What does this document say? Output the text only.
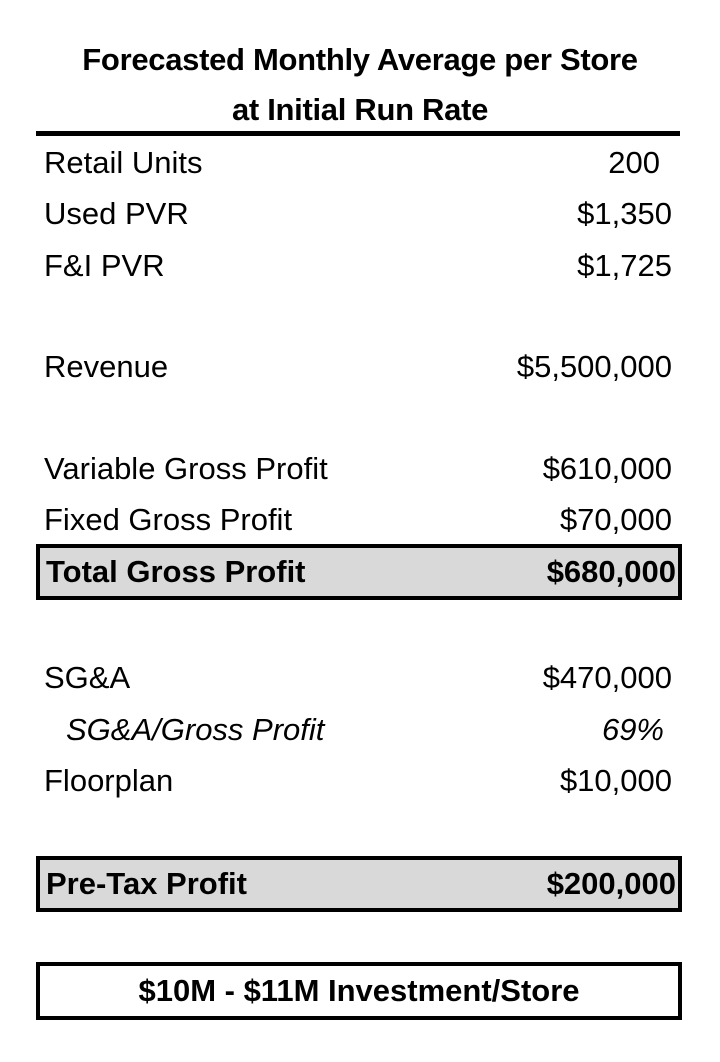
Forecasted Monthly Average per Store
at Initial Run Rate
Retail Units	200
Used PVR	$1,350
F&I PVR	$1,725
Revenue	$5,500,000
Variable Gross Profit	$610,000
Fixed Gross Profit	$70,000
Total Gross Profit	$680,000
SG&A	$470,000
SG&A/Gross Profit	69%
Floorplan	$10,000
Pre-Tax Profit	$200,000
$10M - $11M Investment/Store
